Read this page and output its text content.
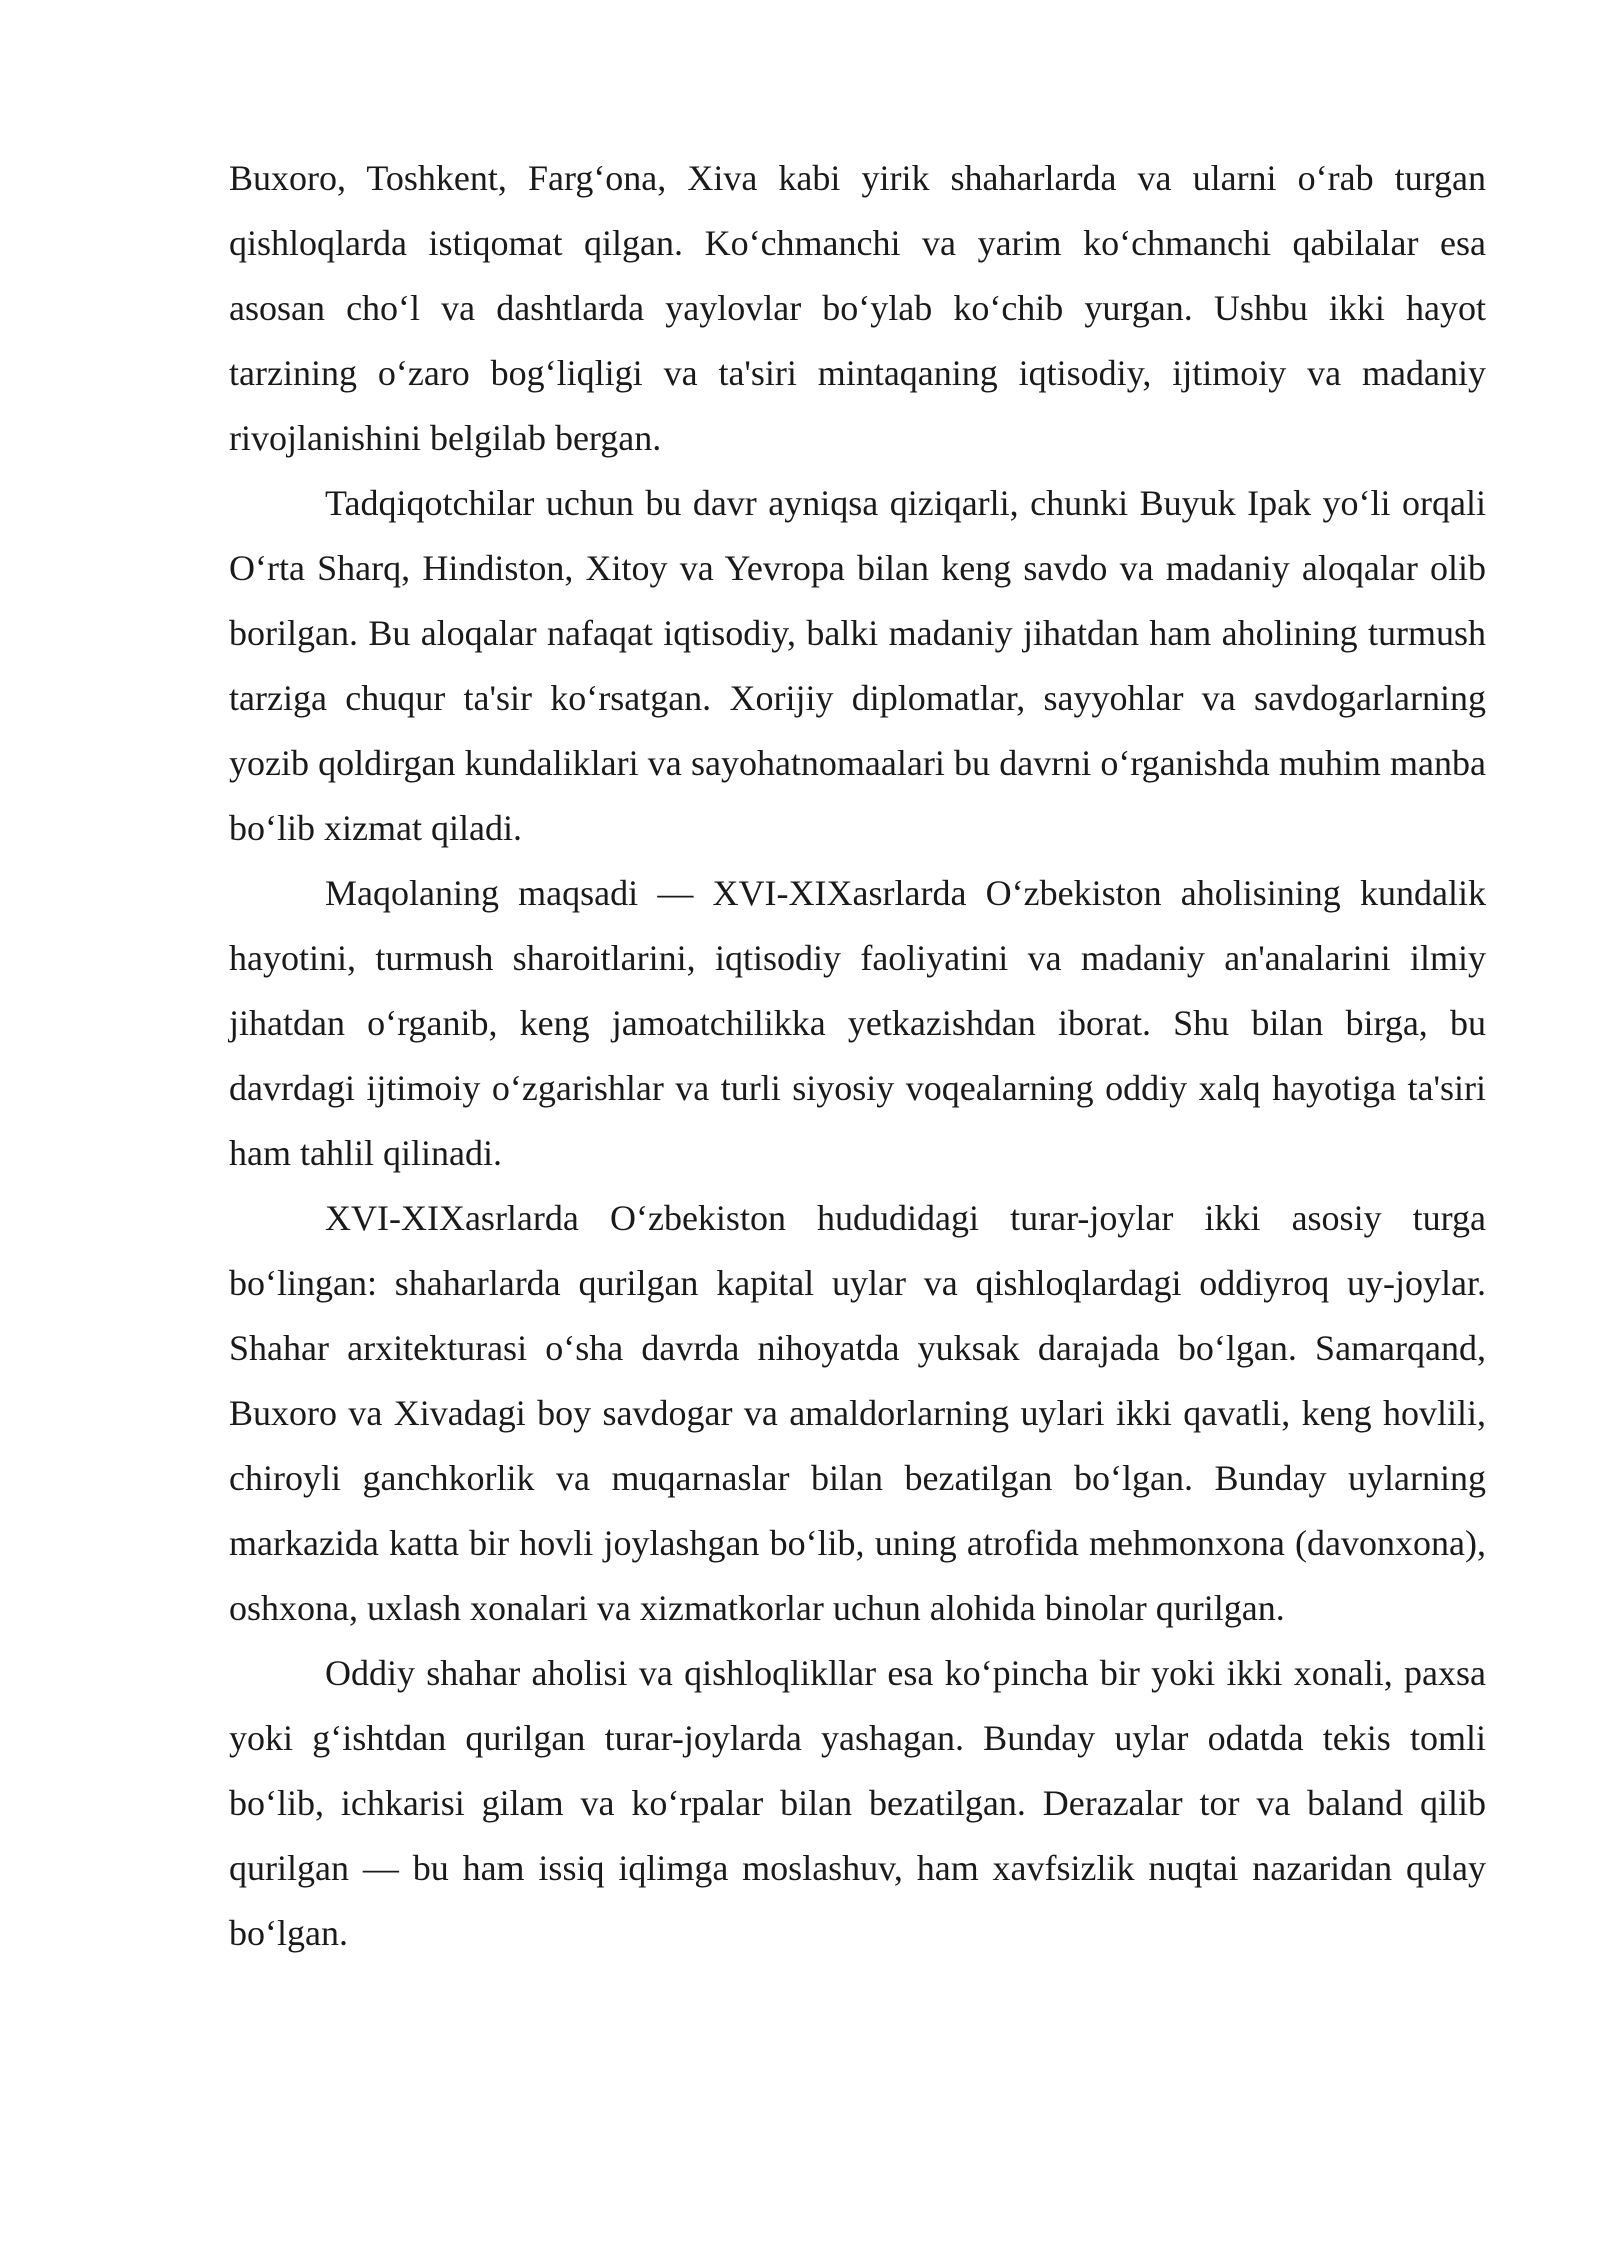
Buxoro, Toshkent, Farg‘ona, Xiva kabi yirik shaharlarda va ularni o‘rab turgan qishloqlarda istiqomat qilgan. Ko‘chmanchi va yarim ko‘chmanchi qabilalar esa asosan cho‘l va dashtlarda yaylovlar bo‘ylab ko‘chib yurgan. Ushbu ikki hayot tarzining o‘zaro bog‘liqligi va ta'siri mintaqaning iqtisodiy, ijtimoiy va madaniy rivojlanishini belgilab bergan.

Tadqiqotchilar uchun bu davr ayniqsa qiziqarli, chunki Buyuk Ipak yo‘li orqali O‘rta Sharq, Hindiston, Xitoy va Yevropa bilan keng savdo va madaniy aloqalar olib borilgan. Bu aloqalar nafaqat iqtisodiy, balki madaniy jihatdan ham aholining turmush tarziga chuqur ta'sir ko‘rsatgan. Xorijiy diplomatlar, sayyohlar va savdogarlarning yozib qoldirgan kundaliklari va sayohatnomaalari bu davrni o‘rganishda muhim manba bo‘lib xizmat qiladi.

Maqolaning maqsadi — XVI-XIXasrlarda O‘zbekiston aholisining kundalik hayotini, turmush sharoitlarini, iqtisodiy faoliyatini va madaniy an'analarini ilmiy jihatdan o‘rganib, keng jamoatchilikka yetkazishdan iborat. Shu bilan birga, bu davrdagi ijtimoiy o‘zgarishlar va turli siyosiy voqealarning oddiy xalq hayotiga ta'siri ham tahlil qilinadi.

XVI-XIXasrlarda O‘zbekiston hududidagi turar-joylar ikki asosiy turga bo‘lingan: shaharlarda qurilgan kapital uylar va qishloqlardagi oddiyroq uy-joylar. Shahar arxitekturasi o‘sha davrda nihoyatda yuksak darajada bo‘lgan. Samarqand, Buxoro va Xivadagi boy savdogar va amaldorlarning uylari ikki qavatli, keng hovlili, chiroyli ganchkorlik va muqarnaslar bilan bezatilgan bo‘lgan. Bunday uylarning markazida katta bir hovli joylashgan bo‘lib, uning atrofida mehmonxona (davonxona), oshxona, uxlash xonalari va xizmatkorlar uchun alohida binolar qurilgan.

Oddiy shahar aholisi va qishloqlikllar esa ko‘pincha bir yoki ikki xonali, paxsa yoki g‘ishtdan qurilgan turar-joylarda yashagan. Bunday uylar odatda tekis tomli bo‘lib, ichkarisi gilam va ko‘rpalar bilan bezatilgan. Derazalar tor va baland qilib qurilgan — bu ham issiq iqlimga moslashuv, ham xavfsizlik nuqtai nazaridan qulay bo‘lgan.
